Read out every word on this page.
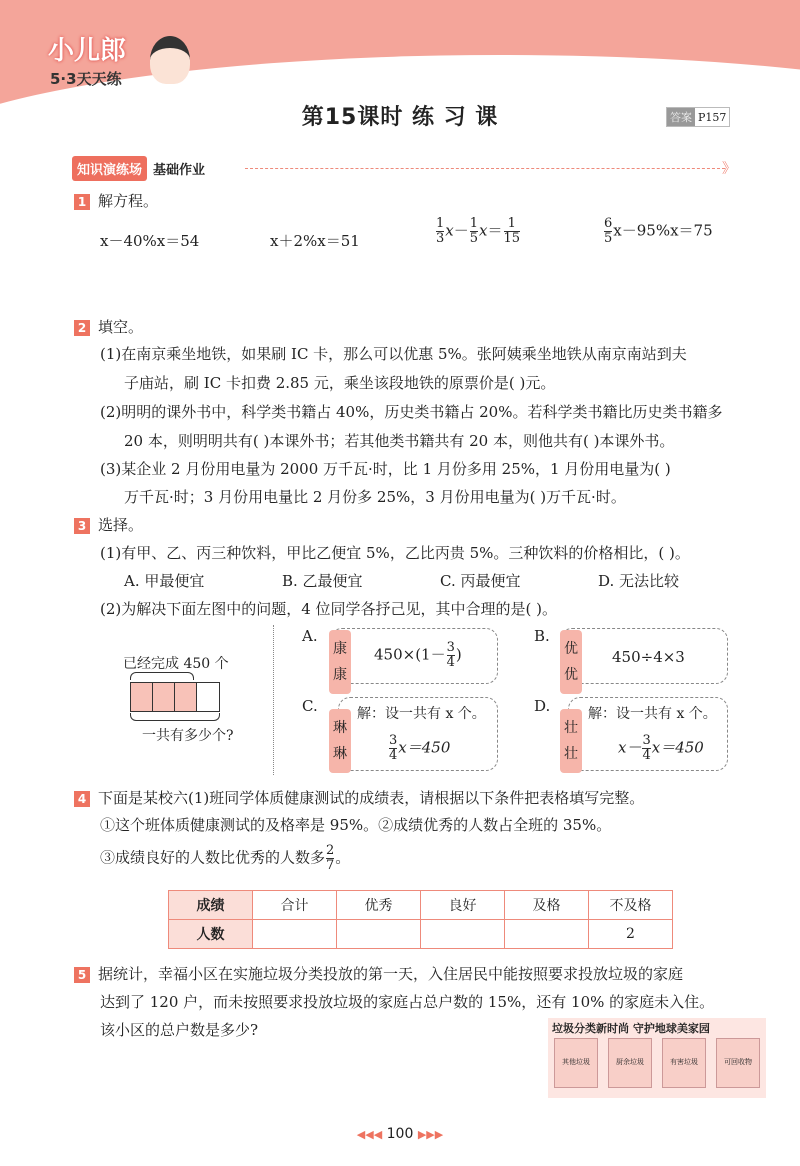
小儿郎
5·3天天练
第15课时 练 习 课	答案 P157
知识演练场 基础作业	》
1 解方程。
x－40%x＝54	x＋2%x＝51	$\frac{1}{3} x- \frac{1}{5} x= \frac{1}{15}$	$\frac{6}{5} x-95\%x=75$
2 填空。
(1)在南京乘坐地铁，如果刷 IC 卡，那么可以优惠 5%。张阿姨乘坐地铁从南京南站到夫
子庙站，刷 IC 卡扣费 2.85 元，乘坐该段地铁的原票价是( )元。
(2)明明的课外书中，科学类书籍占 40%，历史类书籍占 20%。若科学类书籍比历史类书籍多
20 本，则明明共有( )本课外书；若其他类书籍共有 20 本，则他共有( )本课外书。
(3)某企业 2 月份用电量为 2000 万千瓦·时，比 1 月份多用 25%，1 月份用电量为( )
万千瓦·时；3 月份用电量比 2 月份多 25%，3 月份用电量为( )万千瓦·时。
3 选择。
(1)有甲、乙、丙三种饮料，甲比乙便宜 5%，乙比丙贵 5%。三种饮料的价格相比，( )。
A. 甲最便宜	B. 乙最便宜	C. 丙最便宜	D. 无法比较
(2)为解决下面左图中的问题，4 位同学各抒己见，其中合理的是( )。
已经完成 450 个
一共有多少个?
A.
康康
$450\times(1- \frac{3}{4}$ )
B.
优优
450÷4×3
C.
琳琳
解：设一共有 x 个。
$\frac{3}{4} x=450$
D.
壮壮
解：设一共有 x 个。
$x- \frac{3}{4} x=450$
4 下面是某校六(1)班同学体质健康测试的成绩表，请根据以下条件把表格填写完整。
①这个班体质健康测试的及格率是 95%。②成绩优秀的人数占全班的 35%。
③成绩良好的人数比优秀的人数多 $\frac{2}{7}$ 。
成绩	合计	优秀	良好	及格	不及格
人数					2
5 据统计，幸福小区在实施垃圾分类投放的第一天，入住居民中能按照要求投放垃圾的家庭
达到了 120 户，而未按照要求投放垃圾的家庭占总户数的 15%，还有 10% 的家庭未入住。
该小区的总户数是多少?	垃圾分类新时尚 守护地球美家园
其他垃圾	厨余垃圾	有害垃圾	可回收物
◀◀◀ 100 ▶▶▶
